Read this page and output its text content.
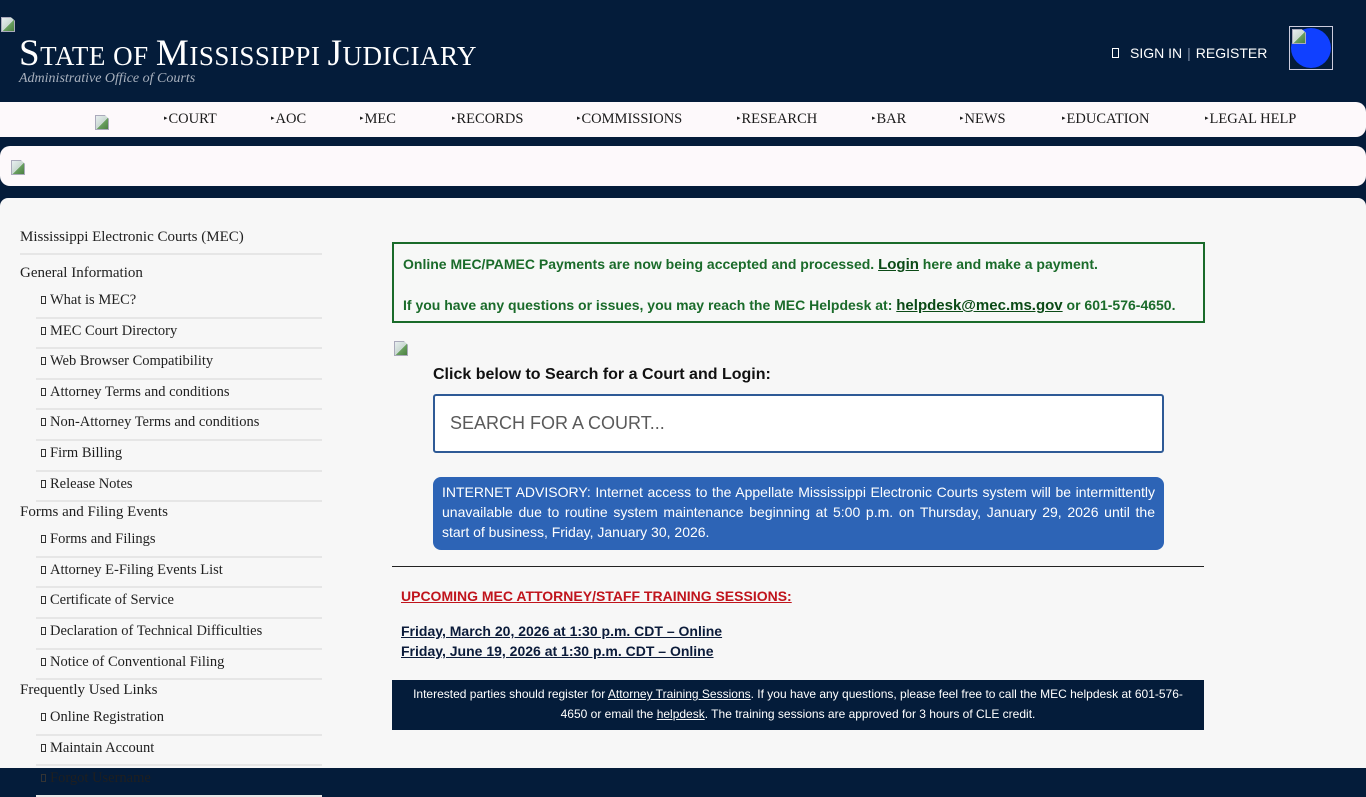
STATE OF MISSISSIPPI JUDICIARY
Administrative Office of Courts
SIGN IN | REGISTER
▸COURT	▸AOC	▸MEC	▸RECORDS	▸COMMISSIONS	▸RESEARCH	▸BAR	▸NEWS	▸EDUCATION	▸LEGAL HELP
Mississippi Electronic Courts (MEC)
General Information
What is MEC?
MEC Court Directory
Web Browser Compatibility
Attorney Terms and conditions
Non-Attorney Terms and conditions
Firm Billing
Release Notes
Forms and Filing Events
Forms and Filings
Attorney E-Filing Events List
Certificate of Service
Declaration of Technical Difficulties
Notice of Conventional Filing
Frequently Used Links
Online Registration
Maintain Account
Forgot Username
Online MEC/PAMEC Payments are now being accepted and processed. Login here and make a payment.
If you have any questions or issues, you may reach the MEC Helpdesk at: helpdesk@mec.ms.gov or 601-576-4650.
Click below to Search for a Court and Login:
SEARCH FOR A COURT...
INTERNET ADVISORY: Internet access to the Appellate Mississippi Electronic Courts system will be intermittently unavailable due to routine system maintenance beginning at 5:00 p.m. on Thursday, January 29, 2026 until the start of business, Friday, January 30, 2026.
UPCOMING MEC ATTORNEY/STAFF TRAINING SESSIONS:
Friday, March 20, 2026 at 1:30 p.m. CDT – Online
Friday, June 19, 2026 at 1:30 p.m. CDT – Online
Interested parties should register for Attorney Training Sessions. If you have any questions, please feel free to call the MEC helpdesk at 601-576-4650 or email the helpdesk. The training sessions are approved for 3 hours of CLE credit.
